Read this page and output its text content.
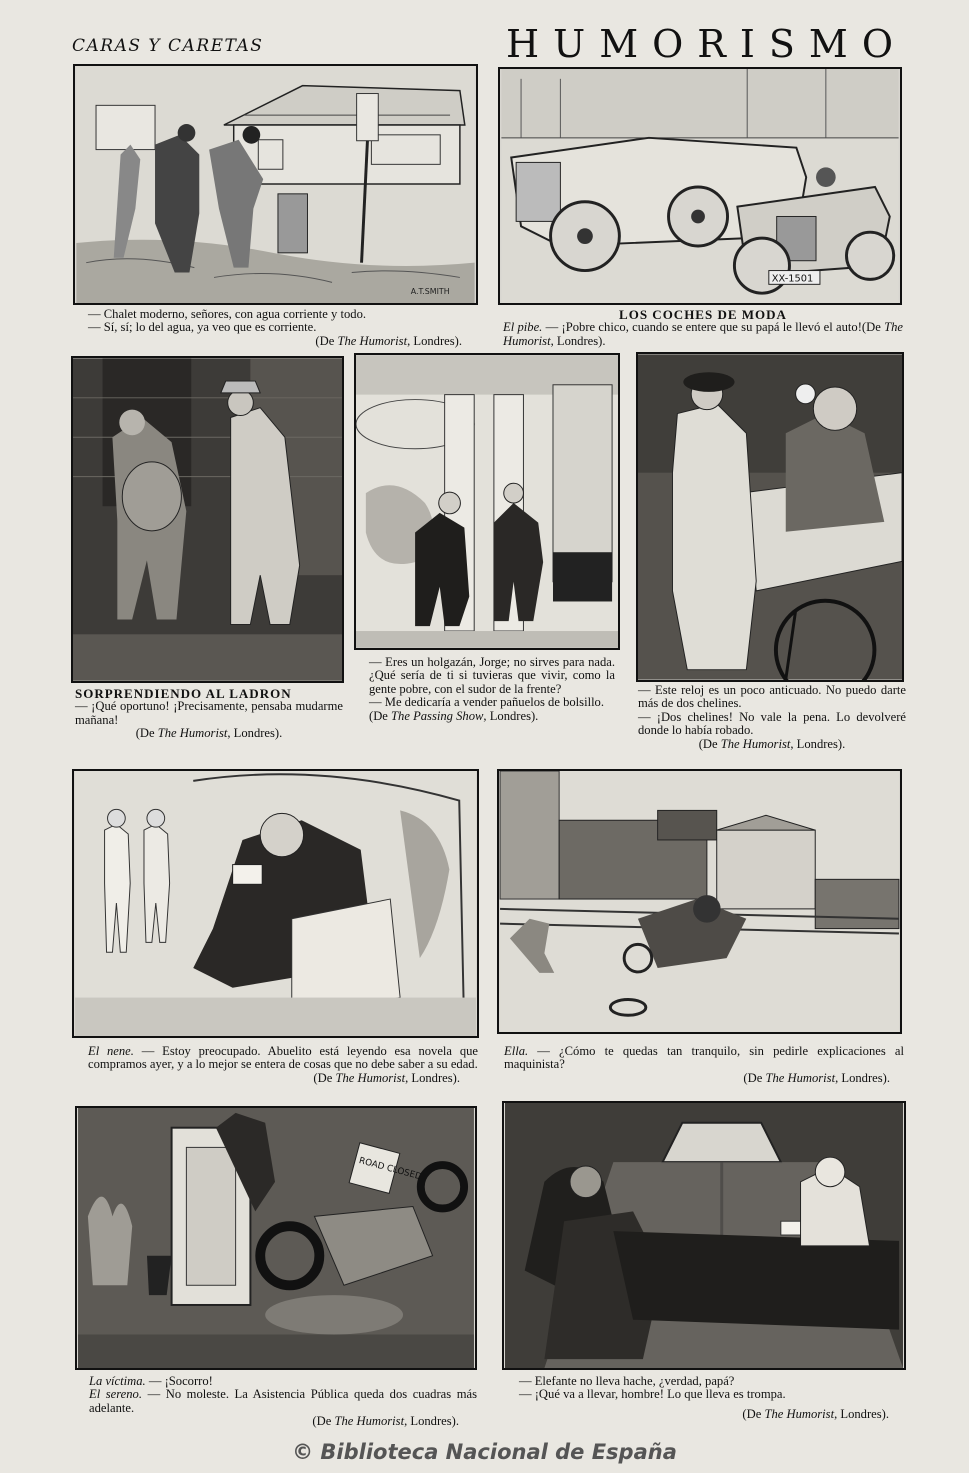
CARAS Y CARETAS	HUMORISMO
A.T.SMITH
XX-1501

— Chalet moderno, señores, con agua corriente y todo.

— Sí, sí; lo del agua, ya veo que es corriente.

(De The Humorist, Londres).

LOS COCHES DE MODA

El pibe. — ¡Pobre chico, cuando se entere que su papá le llevó el auto!(De The Humorist, Londres).

SORPRENDIENDO AL LADRON

— ¡Qué oportuno! ¡Precisamente, pensaba mudarme mañana!

(De The Humorist, Londres).

— Eres un holgazán, Jorge; no sirves para nada. ¿Qué sería de ti si tuvieras que vivir, como la gente pobre, con el sudor de la frente?

— Me dedicaría a vender pañuelos de bolsillo.

(De The Passing Show, Londres).

— Este reloj es un poco anticuado. No puedo darte más de dos chelines.

— ¡Dos chelines! No vale la pena. Lo devolveré donde lo había robado.

(De The Humorist, Londres).

El nene. — Estoy preocupado. Abuelito está leyendo esa novela que compramos ayer, y a lo mejor se entera de cosas que no debe saber a su edad.

(De The Humorist, Londres).

Ella. — ¿Cómo te quedas tan tranquilo, sin pedirle explicaciones al maquinista?

(De The Humorist, Londres).

ROAD CLOSED

La víctima. — ¡Socorro!

El sereno. — No moleste. La Asistencia Pública queda dos cuadras más adelante.

(De The Humorist, Londres).

— Elefante no lleva hache, ¿verdad, papá?

— ¡Qué va a llevar, hombre! Lo que lleva es trompa.

(De The Humorist, Londres).

© Biblioteca Nacional de España
